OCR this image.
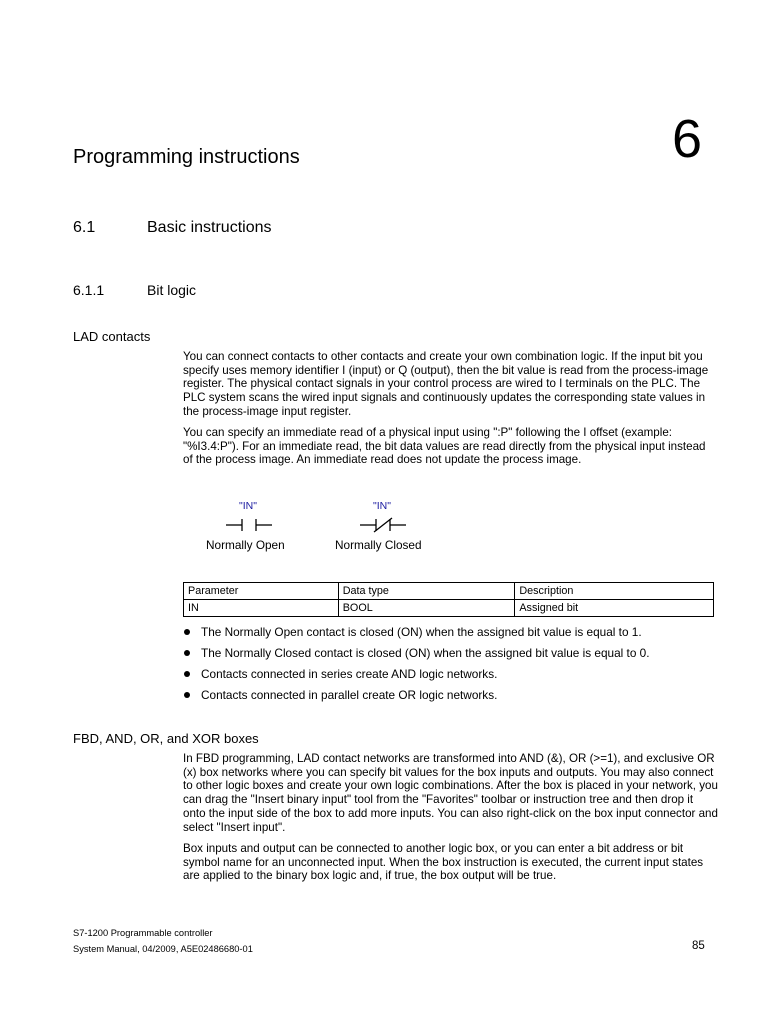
Programming instructions	6
6.1	Basic instructions
6.1.1	Bit logic
LAD contacts
You can connect contacts to other contacts and create your own combination logic. If the input bit you specify uses memory identifier I (input) or Q (output), then the bit value is read from the process-image register. The physical contact signals in your control process are wired to I terminals on the PLC. The PLC system scans the wired input signals and continuously updates the corresponding state values in the process-image input register.
You can specify an immediate read of a physical input using ":P" following the I offset (example: "%I3.4:P"). For an immediate read, the bit data values are read directly from the physical input instead of the process image. An immediate read does not update the process image.
"IN"
Normally Open
"IN"
Normally Closed
Parameter	Data type	Description
IN	BOOL	Assigned bit
The Normally Open contact is closed (ON) when the assigned bit value is equal to 1.
The Normally Closed contact is closed (ON) when the assigned bit value is equal to 0.
Contacts connected in series create AND logic networks.
Contacts connected in parallel create OR logic networks.
FBD, AND, OR, and XOR boxes
In FBD programming, LAD contact networks are transformed into AND (&), OR (>=1), and exclusive OR (x) box networks where you can specify bit values for the box inputs and outputs. You may also connect to other logic boxes and create your own logic combinations. After the box is placed in your network, you can drag the "Insert binary input" tool from the "Favorites" toolbar or instruction tree and then drop it onto the input side of the box to add more inputs. You can also right-click on the box input connector and select "Insert input".
Box inputs and output can be connected to another logic box, or you can enter a bit address or bit symbol name for an unconnected input. When the box instruction is executed, the current input states are applied to the binary box logic and, if true, the box output will be true.
S7-1200 Programmable controller
System Manual, 04/2009, A5E02486680-01	85
